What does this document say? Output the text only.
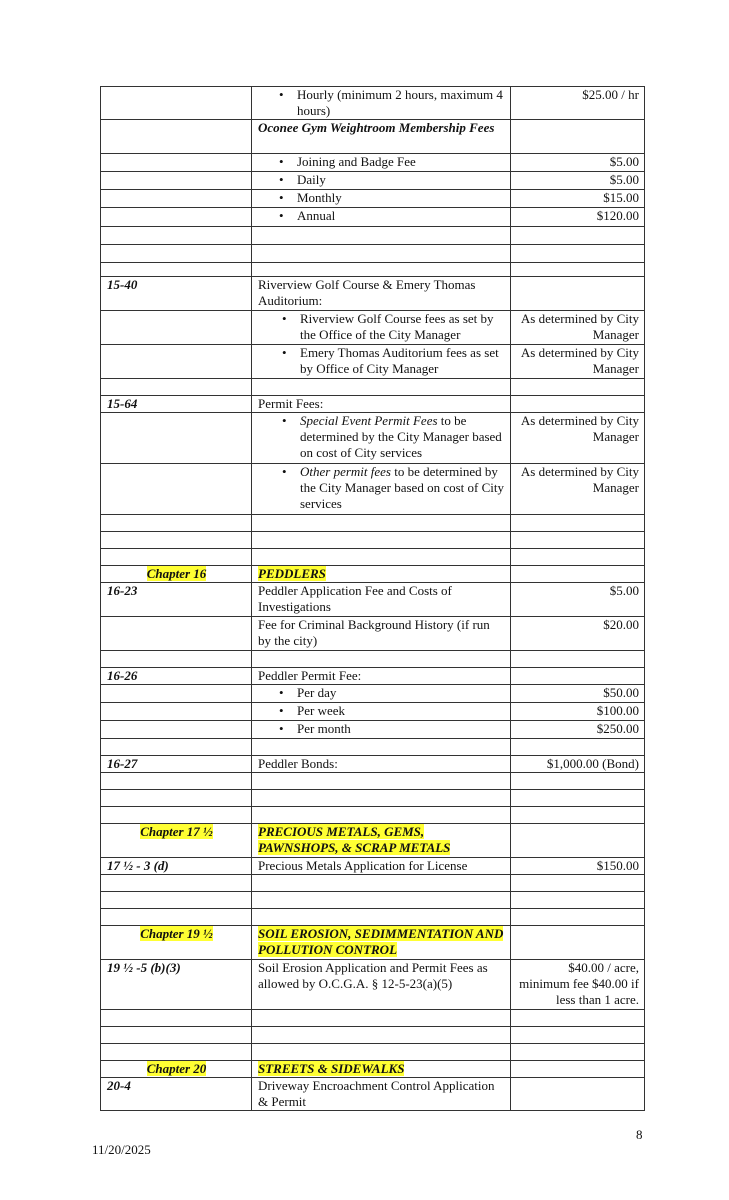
	• Hourly (minimum 2 hours, maximum 4 hours)	$25.00 / hr
	Oconee Gym Weightroom Membership Fees	

	• Joining and Badge Fee	$5.00

	• Daily	$5.00

	• Monthly	$15.00

	• Annual	$120.00

15-40	Riverview Golf Course & Emery Thomas Auditorium:	

	• Riverview Golf Course fees as set by the Office of the City Manager	As determined by City Manager

	• Emery Thomas Auditorium fees as set by Office of City Manager	As determined by City Manager

15-64	Permit Fees:	

	• Special Event Permit Fees to be determined by the City Manager based on cost of City services	As determined by City Manager

	• Other permit fees to be determined by the City Manager based on cost of City services	As determined by City Manager

Chapter 16	PEDDLERS	
16-23	Peddler Application Fee and Costs of Investigations	$5.00
	Fee for Criminal Background History (if run by the city)	$20.00

16-26	Peddler Permit Fee:	

	• Per day	$50.00

	• Per week	$100.00

	• Per month	$250.00

16-27	Peddler Bonds:	$1,000.00 (Bond)

Chapter 17 ½	PRECIOUS METALS, GEMS, PAWNSHOPS, & SCRAP METALS	
17 ½ - 3 (d)	Precious Metals Application for License	$150.00

Chapter 19 ½	SOIL EROSION, SEDIMMENTATION AND POLLUTION CONTROL	
19 ½ -5 (b)(3)	Soil Erosion Application and Permit Fees as allowed by O.C.G.A. § 12-5-23(a)(5)	$40.00 / acre, minimum fee $40.00 if less than 1 acre.

Chapter 20	STREETS & SIDEWALKS	
20-4	Driveway Encroachment Control Application & Permit	
11/20/2025
8
